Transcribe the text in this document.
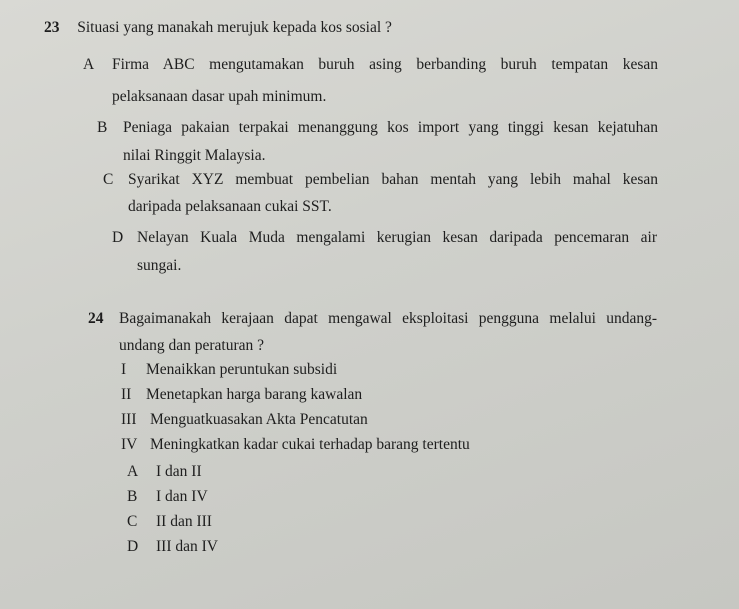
23 Situasi yang manakah merujuk kepada kos sosial ?
A Firma ABC mengutamakan buruh asing berbanding buruh tempatan kesan
pelaksanaan dasar upah minimum.
B Peniaga pakaian terpakai menanggung kos import yang tinggi kesan kejatuhan
nilai Ringgit Malaysia.
C Syarikat XYZ membuat pembelian bahan mentah yang lebih mahal kesan
daripada pelaksanaan cukai SST.
D Nelayan Kuala Muda mengalami kerugian kesan daripada pencemaran air
sungai.
24 Bagaimanakah kerajaan dapat mengawal eksploitasi pengguna melalui undang-
undang dan peraturan ?
I Menaikkan peruntukan subsidi
II Menetapkan harga barang kawalan
III Menguatkuasakan Akta Pencatutan
IV Meningkatkan kadar cukai terhadap barang tertentu
A I dan II
B I dan IV
C II dan III
D III dan IV
